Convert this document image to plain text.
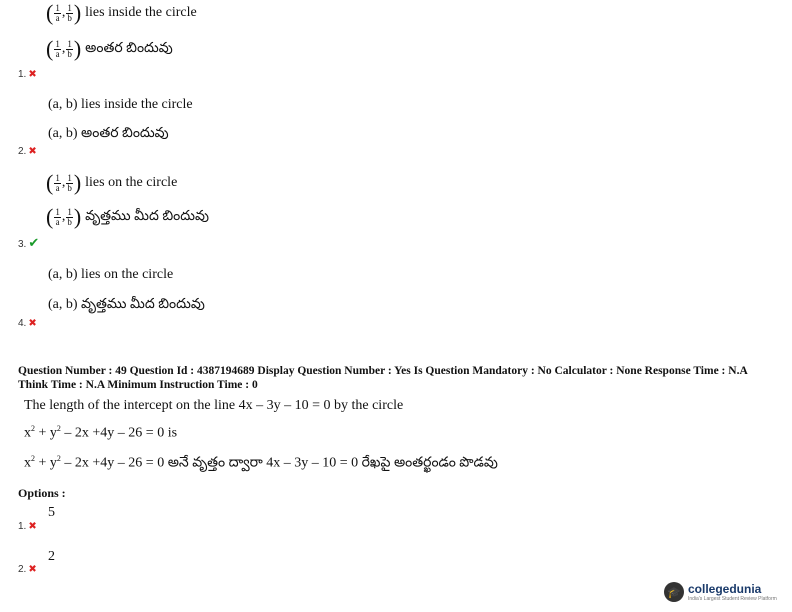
( 1
a , 1
b ) lies inside the circle
( 1
a , 1
b ) అంతర బిందువు
1. ✖
(a, b) lies inside the circle
(a, b) అంతర బిందువు
2. ✖
( 1
a , 1
b ) lies on the circle
( 1
a , 1
b ) వృత్తము మీద బిందువు
3. ✔
(a, b) lies on the circle
(a, b) వృత్తము మీద బిందువు
4. ✖
Question Number : 49 Question Id : 4387194689 Display Question Number : Yes Is Question Mandatory : No Calculator : None Response Time : N.A Think Time : N.A Minimum Instruction Time : 0
The length of the intercept on the line 4x – 3y – 10 = 0 by the circle
$x^2 + y^2 - 2x +4y - 26 = 0$ is
$x^2 + y^2 - 2x +4y - 26 = 0$ అనే వృత్తం ద్వారా 4x – 3y – 10 = 0 రేఖపై అంతర్ఖండం పొడవు
Options :
5
1. ✖
2
2. ✖
🎓 collegedunia
India's Largest Student Review Platform
